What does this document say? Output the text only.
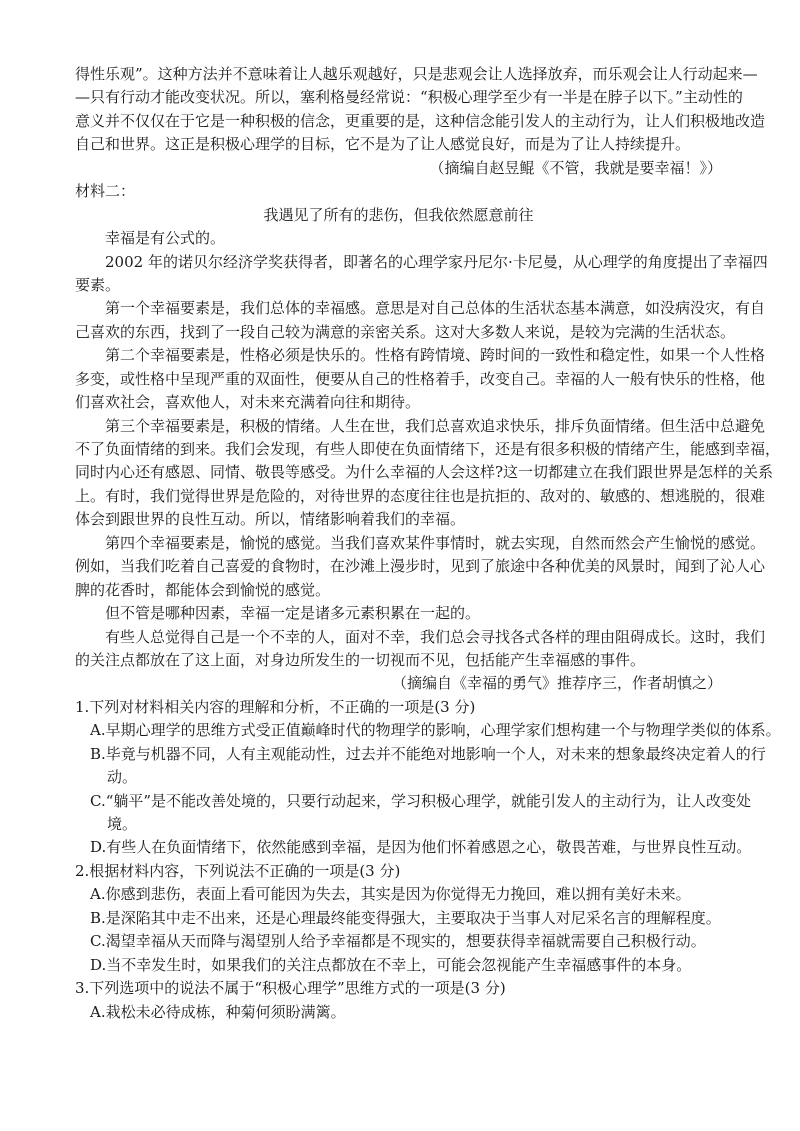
得性乐观”。这种方法并不意味着让人越乐观越好，只是悲观会让人选择放弃，而乐观会让人行动起来—
—只有行动才能改变状况。所以，塞利格曼经常说：“积极心理学至少有一半是在脖子以下。”主动性的
意义并不仅仅在于它是一种积极的信念，更重要的是，这种信念能引发人的主动行为，让人们积极地改造
自己和世界。这正是积极心理学的目标，它不是为了让人感觉良好，而是为了让人持续提升。
（摘编自赵昱鲲《不管，我就是要幸福！》）
材料二：
我遇见了所有的悲伤，但我依然愿意前往
幸福是有公式的。
2002 年的诺贝尔经济学奖获得者，即著名的心理学家丹尼尔·卡尼曼，从心理学的角度提出了幸福四
要素。
第一个幸福要素是，我们总体的幸福感。意思是对自己总体的生活状态基本满意，如没病没灾，有自
己喜欢的东西，找到了一段自己较为满意的亲密关系。这对大多数人来说，是较为完满的生活状态。
第二个幸福要素是，性格必须是快乐的。性格有跨情境、跨时间的一致性和稳定性，如果一个人性格
多变，或性格中呈现严重的双面性，便要从自己的性格着手，改变自己。幸福的人一般有快乐的性格，他
们喜欢社会，喜欢他人，对未来充满着向往和期待。
第三个幸福要素是，积极的情绪。人生在世，我们总喜欢追求快乐，排斥负面情绪。但生活中总避免
不了负面情绪的到来。我们会发现，有些人即使在负面情绪下，还是有很多积极的情绪产生，能感到幸福，
同时内心还有感恩、同情、敬畏等感受。为什么幸福的人会这样?这一切都建立在我们跟世界是怎样的关系
上。有时，我们觉得世界是危险的，对待世界的态度往往也是抗拒的、敌对的、敏感的、想逃脱的，很难
体会到跟世界的良性互动。所以，情绪影响着我们的幸福。
第四个幸福要素是，愉悦的感觉。当我们喜欢某件事情时，就去实现，自然而然会产生愉悦的感觉。
例如，当我们吃着自己喜爱的食物时，在沙滩上漫步时，见到了旅途中各种优美的风景时，闻到了沁人心
脾的花香时，都能体会到愉悦的感觉。
但不管是哪种因素，幸福一定是诸多元素积累在一起的。
有些人总觉得自己是一个不幸的人，面对不幸，我们总会寻找各式各样的理由阻碍成长。这时，我们
的关注点都放在了这上面，对身边所发生的一切视而不见，包括能产生幸福感的事件。
（摘编自《幸福的勇气》推荐序三，作者胡慎之）
1.下列对材料相关内容的理解和分析，不正确的一项是(3 分)
A.早期心理学的思维方式受正值巅峰时代的物理学的影响，心理学家们想构建一个与物理学类似的体系。
B.毕竟与机器不同，人有主观能动性，过去并不能绝对地影响一个人，对未来的想象最终决定着人的行
动。
C.“躺平”是不能改善处境的，只要行动起来，学习积极心理学，就能引发人的主动行为，让人改变处
境。
D.有些人在负面情绪下，依然能感到幸福，是因为他们怀着感恩之心，敬畏苦难，与世界良性互动。
2.根据材料内容，下列说法不正确的一项是(3 分)
A.你感到悲伤，表面上看可能因为失去，其实是因为你觉得无力挽回，难以拥有美好未来。
B.是深陷其中走不出来，还是心理最终能变得强大，主要取决于当事人对尼采名言的理解程度。
C.渴望幸福从天而降与渴望别人给予幸福都是不现实的，想要获得幸福就需要自己积极行动。
D.当不幸发生时，如果我们的关注点都放在不幸上，可能会忽视能产生幸福感事件的本身。
3.下列选项中的说法不属于“积极心理学”思维方式的一项是(3 分)
A.栽松未必待成栋，种菊何须盼满篱。
